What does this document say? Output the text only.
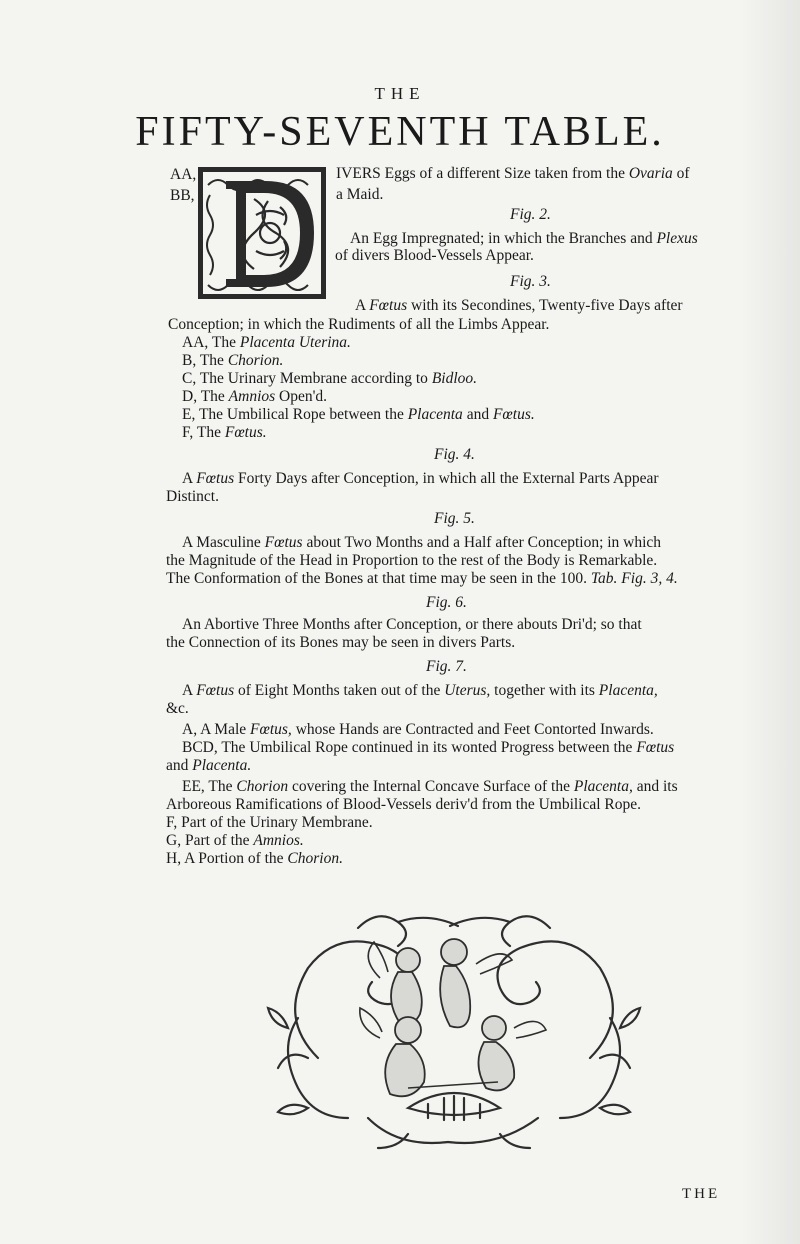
THE
FIFTY-SEVENTH TABLE.
AA,
BB,

IVERS Eggs of a different Size taken from the Ovaria of

a Maid.

Fig. 2.

An Egg Impregnated; in which the Branches and Plexus

of divers Blood-Vessels Appear.

Fig. 3.

A Fœtus with its Secondines, Twenty-five Days after

Conception; in which the Rudiments of all the Limbs Appear.

AA, The Placenta Uterina.

B, The Chorion.

C, The Urinary Membrane according to Bidloo.

D, The Amnios Open'd.

E, The Umbilical Rope between the Placenta and Fœtus.

F, The Fœtus.

Fig. 4.

A Fœtus Forty Days after Conception, in which all the External Parts Appear

Distinct.

Fig. 5.

A Masculine Fœtus about Two Months and a Half after Conception; in which

the Magnitude of the Head in Proportion to the rest of the Body is Remarkable.

The Conformation of the Bones at that time may be seen in the 100. Tab. Fig. 3, 4.

Fig. 6.

An Abortive Three Months after Conception, or there abouts Dri'd; so that

the Connection of its Bones may be seen in divers Parts.

Fig. 7.

A Fœtus of Eight Months taken out of the Uterus, together with its Placenta,

&c.

A, A Male Fœtus, whose Hands are Contracted and Feet Contorted Inwards.

BCD, The Umbilical Rope continued in its wonted Progress between the Fœtus

and Placenta.

EE, The Chorion covering the Internal Concave Surface of the Placenta, and its

Arboreous Ramifications of Blood-Vessels deriv'd from the Umbilical Rope.

F, Part of the Urinary Membrane.

G, Part of the Amnios.

H, A Portion of the Chorion.

THE
